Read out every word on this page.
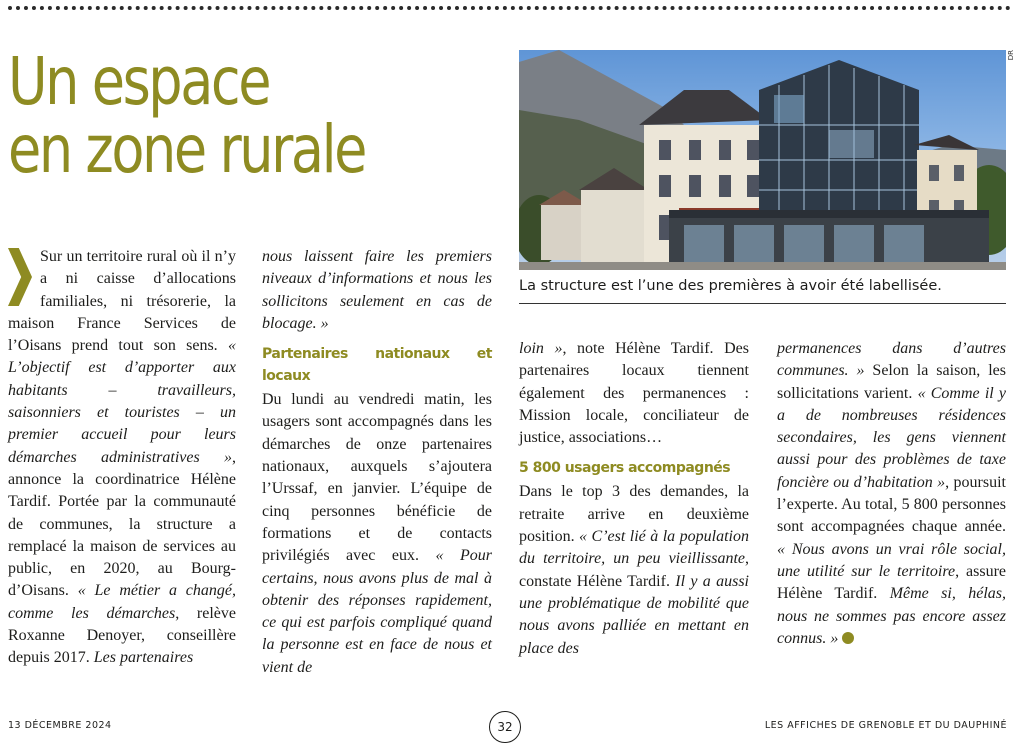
Un espace
en zone rurale
DR
La structure est l’une des premières à avoir été labellisée.

Sur un territoire rural où il n’y a ni caisse d’allocations familiales, ni trésorerie, la maison France Services de l’Oisans prend tout son sens. « L’objectif est d’apporter aux habitants – travailleurs, saisonniers et touristes – un premier accueil pour leurs démarches administratives », annonce la coordinatrice Hélène Tardif. Portée par la communauté de communes, la structure a remplacé la maison de services au public, en 2020, au Bourg-d’Oisans. « Le métier a changé, comme les démarches, relève Roxanne Denoyer, conseillère depuis 2017. Les partenaires

nous laissent faire les premiers niveaux d’informations et nous les sollicitons seulement en cas de blocage. »

Partenaires nationaux et locaux

Du lundi au vendredi matin, les usagers sont accompagnés dans les démarches de onze partenaires nationaux, auxquels s’ajoutera l’Urssaf, en janvier. L’équipe de cinq personnes bénéficie de formations et de contacts privilégiés avec eux. « Pour certains, nous avons plus de mal à obtenir des réponses rapidement, ce qui est parfois compliqué quand la personne est en face de nous et vient de

loin », note Hélène Tardif. Des partenaires locaux tiennent également des permanences : Mission locale, conciliateur de justice, associations…

5 800 usagers accompagnés

Dans le top 3 des demandes, la retraite arrive en deuxième position. « C’est lié à la population du territoire, un peu vieillissante, constate Hélène Tardif. Il y a aussi une problématique de mobilité que nous avons palliée en mettant en place des

permanences dans d’autres communes. » Selon la saison, les sollicitations varient. « Comme il y a de nombreuses résidences secondaires, les gens viennent aussi pour des problèmes de taxe foncière ou d’habitation », poursuit l’experte. Au total, 5 800 personnes sont accompagnées chaque année. « Nous avons un vrai rôle social, une utilité sur le territoire, assure Hélène Tardif. Même si, hélas, nous ne sommes pas encore assez connus. »

13 DÉCEMBRE 2024	32	LES AFFICHES DE GRENOBLE ET DU DAUPHINÉ
